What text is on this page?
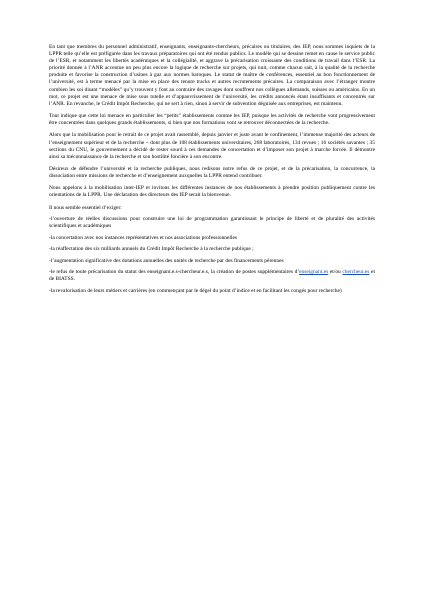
En tant que membres du personnel administratif, enseignants, enseignants-chercheurs, précaires ou titulaires, des IEP, nous sommes inquiets de la LPPR telle qu’elle est préfigurée dans les travaux préparatoires qui ont été rendus publics. Le modèle qui se dessine remet en cause le service public de l’ESR, et notamment les libertés académiques et la collégialité, et aggrave la précarisation croissante des conditions de travail dans l’ESR. La priorité donnée à l’ANR accentue un peu plus encore la logique de recherche sur projets, qui nuit, comme chacun sait, à la qualité de la recherche produite et favorise la construction d’usines à gaz aux normes baroques. Le statut de maître de conférences, essentiel au bon fonctionnement de l’université, est à terme menacé par la mise en place des tenure tracks et autres recrutements précaires. La comparaison avec l’étranger montre combien les soi disant “modèles” qu’y trouvent y font au contraire des ravages dont souffrent nos collègues allemands, suisses ou américains. En un mot, ce projet est une menace de mise sous tutelle et d’appauvrissement de l’université, les crédits annoncés étant insuffisants et concentrés sur l’ANR. En revanche, le Crédit Impôt Recherche, qui ne sert à rien, sinon à servir de subvention déguisée aux entreprises, est maintenu.

Tout indique que cette loi menace en particulier les “petits” établissements comme les IEP, puisque les activités de recherche vont progressivement être concentrées dans quelques grands établissements, si bien que nos formations vont se retrouver déconnectées de la recherche.

Alors que la mobilisation pour le retrait de ce projet avait rassemblé, depuis janvier et juste avant le confinement, l’immense majorité des acteurs de l’enseignement supérieur et de la recherche – dont plus de 108 établissements universitaires, 268 laboratoires, 134 revues ; 16 sociétés savantes ; 35 sections du CNU, le gouvernement a décidé de rester sourd à ces demandes de concertation et d’imposer son projet à marche forcée. Il démontre ainsi sa méconnaissance de la recherche et son hostilité foncière à son encontre.

Désireux de défendre l’université et la recherche publiques, nous redisons notre refus de ce projet, et de la précarisation, la concurrence, la dissociation entre missions de recherche et d’enseignement auxquelles la LPPR entend contribuer.

Nous appelons à la mobilisation inter-IEP et invitons les différentes instances de nos établissements à prendre position publiquement contre les orientations de la LPPR. Une déclaration des directeurs des IEP serait la bienvenue.

Il nous semble essentiel d’exiger:

-l’ouverture de réelles discussions pour construire une loi de programmation garantissant le principe de liberté et de pluralité des activités scientifiques et académiques

-la concertation avec nos instances représentatives et nos associations professionnelles

-la réaffectation des six milliards annuels du Crédit Impôt Recherche à la recherche publique ;

-l’augmentation significative des dotations annuelles des unités de recherche par des financements pérennes

-le refus de toute précarisation du statut des enseignant.e.s-chercheur.e.s, la création de postes supplémentaires d’enseignant.es et/ou chercheur.es et de BIATSS.

-la revalorisation de leurs métiers et carrières (en commençant par le dégel du point d’indice et en facilitant les congés pour recherche)
